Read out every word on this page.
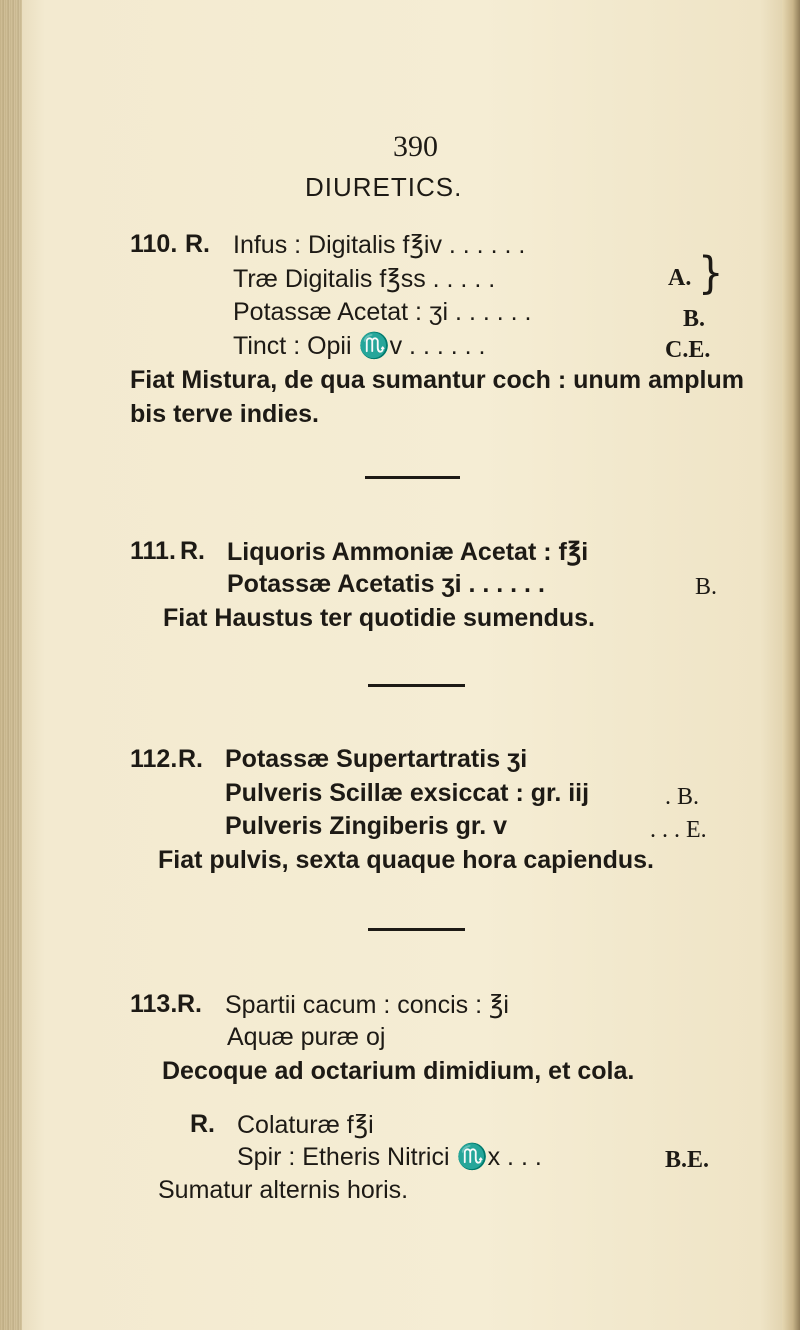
390
DIURETICS.
110. R. Infus : Digitalis f℥iv . . . . . .
Træ Digitalis f℥ss . . . . .
Potassæ Acetat : ʒi . . . . . .
Tinct : Opii ♏v . . . . . .
A. }
B.
C.E.
Fiat Mistura, de qua sumantur coch : unum amplum
bis terve indies.
111. R. Liquoris Ammoniæ Acetat : f℥i
Potassæ Acetatis ʒi . . . . . .	B.
Fiat Haustus ter quotidie sumendus.
112. R. Potassæ Supertartratis ʒi
Pulveris Scillæ exsiccat : gr. iij
Pulveris Zingiberis gr. v
. B.
. . . E.
Fiat pulvis, sexta quaque hora capiendus.
113. R. Spartii cacum : concis : ℥i
Aquæ puræ oj
Decoque ad octarium dimidium, et cola.
R. Colaturæ f℥i
Spir : Etheris Nitrici ♏x . . .	B.E.
Sumatur alternis horis.
